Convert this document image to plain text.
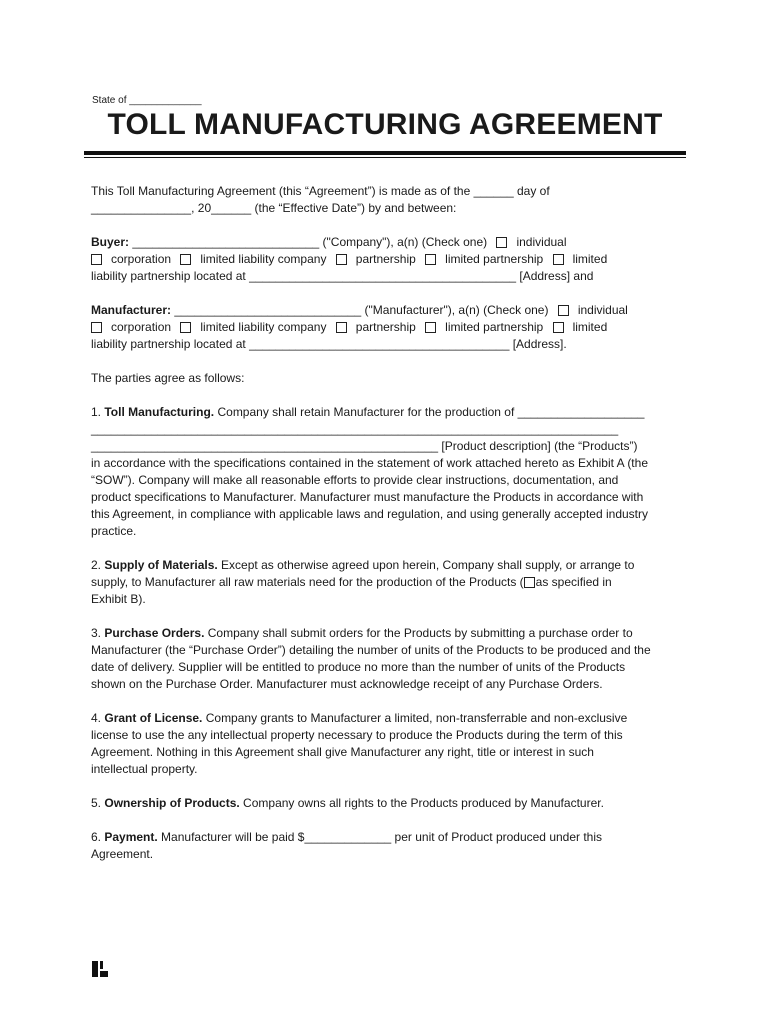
State of _____________
TOLL MANUFACTURING AGREEMENT

This Toll Manufacturing Agreement (this “Agreement”) is made as of the ______ day of
_______________, 20______ (the “Effective Date”) by and between:

Buyer: ____________________________ ("Company"), a(n) (Check one) individual
corporation limited liability company partnership limited partnership limited
liability partnership located at ________________________________________ [Address] and

Manufacturer: ____________________________ ("Manufacturer"), a(n) (Check one) individual
corporation limited liability company partnership limited partnership limited
liability partnership located at _______________________________________ [Address].

The parties agree as follows:

1. Toll Manufacturing. Company shall retain Manufacturer for the production of ___________________
_______________________________________________________________________________
____________________________________________________ [Product description] (the “Products”)
in accordance with the specifications contained in the statement of work attached hereto as Exhibit A (the
“SOW”). Company will make all reasonable efforts to provide clear instructions, documentation, and
product specifications to Manufacturer. Manufacturer must manufacture the Products in accordance with
this Agreement, in compliance with applicable laws and regulation, and using generally accepted industry
practice.

2. Supply of Materials. Except as otherwise agreed upon herein, Company shall supply, or arrange to
supply, to Manufacturer all raw materials need for the production of the Products ( as specified in
Exhibit B).

3. Purchase Orders. Company shall submit orders for the Products by submitting a purchase order to
Manufacturer (the “Purchase Order”) detailing the number of units of the Products to be produced and the
date of delivery. Supplier will be entitled to produce no more than the number of units of the Products
shown on the Purchase Order. Manufacturer must acknowledge receipt of any Purchase Orders.

4. Grant of License. Company grants to Manufacturer a limited, non-transferrable and non-exclusive
license to use the any intellectual property necessary to produce the Products during the term of this
Agreement. Nothing in this Agreement shall give Manufacturer any right, title or interest in such
intellectual property.

5. Ownership of Products. Company owns all rights to the Products produced by Manufacturer.

6. Payment. Manufacturer will be paid $_____________ per unit of Product produced under this
Agreement.
